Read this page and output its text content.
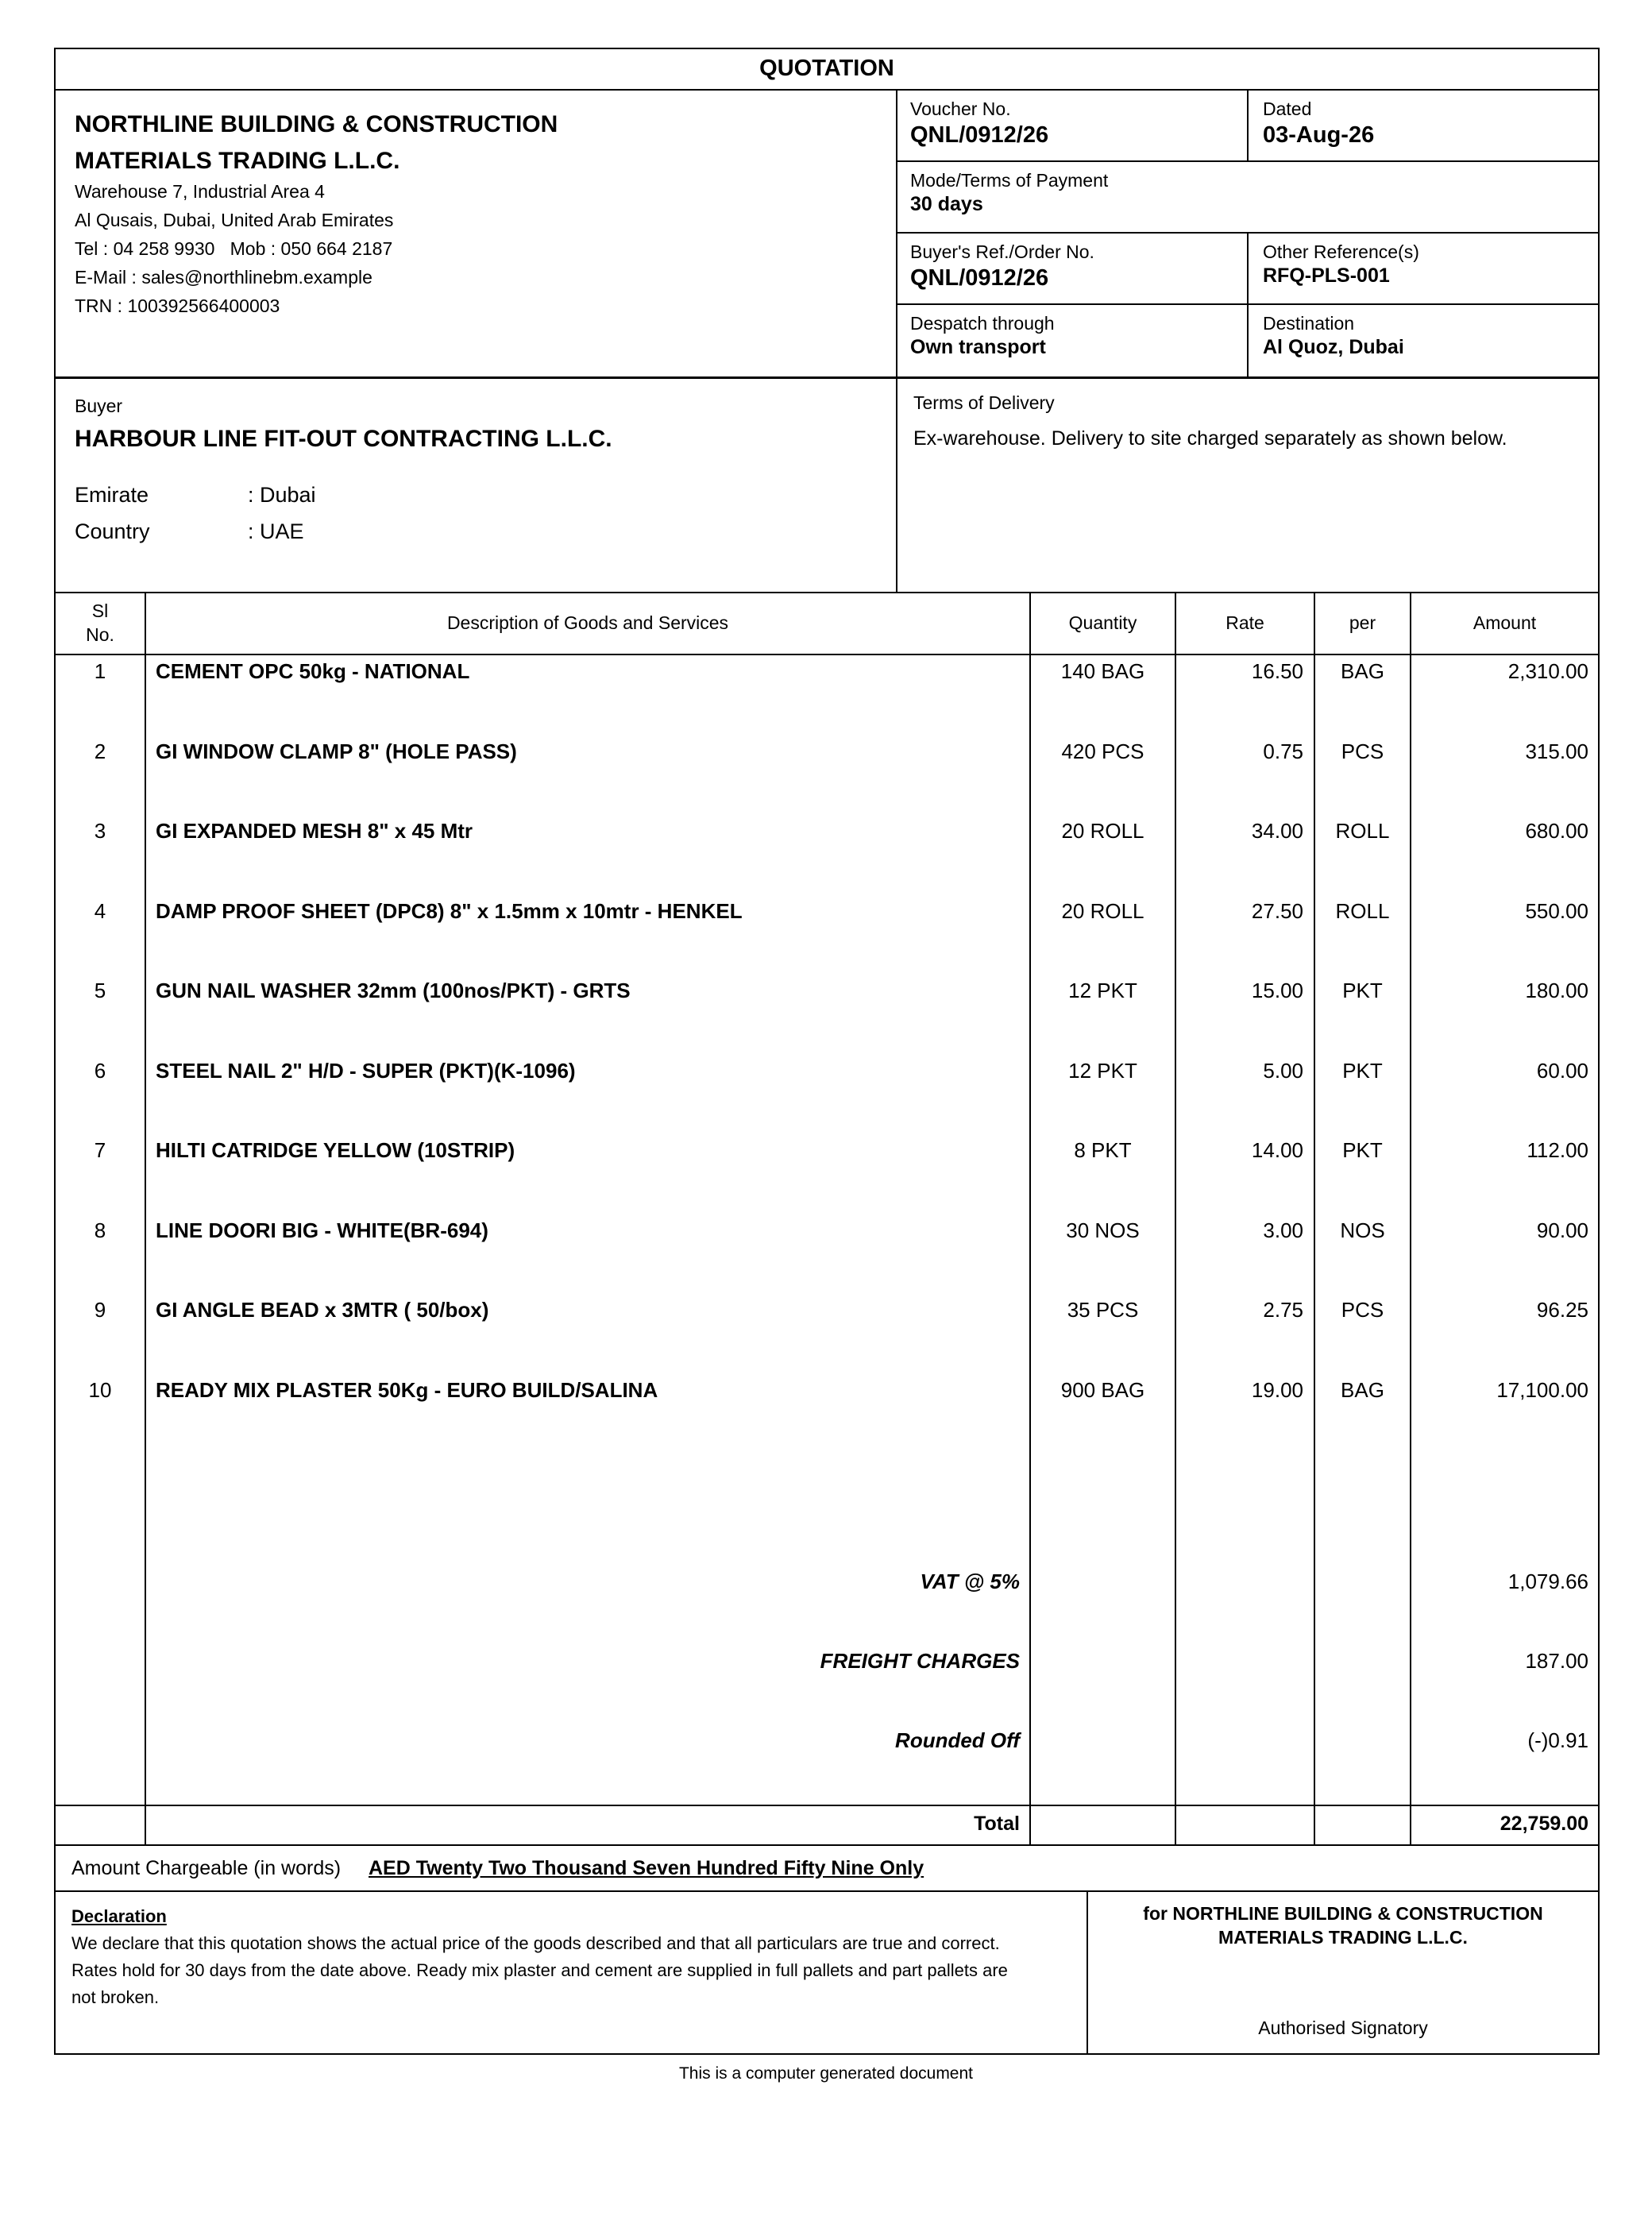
QUOTATION
NORTHLINE BUILDING & CONSTRUCTION
MATERIALS TRADING L.L.C.
Warehouse 7, Industrial Area 4
Al Qusais, Dubai, United Arab Emirates
Tel : 04 258 9930   Mob : 050 664 2187
E-Mail : sales@northlinebm.example
TRN : 100392566400003
Voucher No.
QNL/0912/26
Dated
03-Aug-26
Mode/Terms of Payment
30 days
Buyer's Ref./Order No.
QNL/0912/26
Other Reference(s)
RFQ-PLS-001
Despatch through
Own transport
Destination
Al Quoz, Dubai
Buyer
HARBOUR LINE FIT-OUT CONTRACTING L.L.C.
Emirate	: Dubai
Country	: UAE
Terms of Delivery
Ex-warehouse. Delivery to site charged separately as shown below.
Sl
No.
Description of Goods and Services	Quantity	Rate	per	Amount
1	CEMENT OPC 50kg - NATIONAL	140 BAG	16.50	BAG	2,310.00
2	GI WINDOW CLAMP 8" (HOLE PASS)	420 PCS	0.75	PCS	315.00
3	GI EXPANDED MESH 8" x 45 Mtr	20 ROLL	34.00	ROLL	680.00
4	DAMP PROOF SHEET (DPC8) 8" x 1.5mm x 10mtr - HENKEL	20 ROLL	27.50	ROLL	550.00
5	GUN NAIL WASHER 32mm (100nos/PKT) - GRTS	12 PKT	15.00	PKT	180.00
6	STEEL NAIL 2" H/D - SUPER (PKT)(K-1096)	12 PKT	5.00	PKT	60.00
7	HILTI CATRIDGE YELLOW (10STRIP)	8 PKT	14.00	PKT	112.00
8	LINE DOORI BIG - WHITE(BR-694)	30 NOS	3.00	NOS	90.00
9	GI ANGLE BEAD x 3MTR ( 50/box)	35 PCS	2.75	PCS	96.25
10	READY MIX PLASTER 50Kg - EURO BUILD/SALINA	900 BAG	19.00	BAG	17,100.00
VAT @ 5%	1,079.66
FREIGHT CHARGES	187.00
Rounded Off	(-)0.91
Total	22,759.00
Amount Chargeable (in words) AED Twenty Two Thousand Seven Hundred Fifty Nine Only
Declaration
We declare that this quotation shows the actual price of the goods described and that all particulars are true and correct.
Rates hold for 30 days from the date above. Ready mix plaster and cement are supplied in full pallets and part pallets are
not broken.
for NORTHLINE BUILDING & CONSTRUCTION
MATERIALS TRADING L.L.C.
Authorised Signatory
This is a computer generated document
